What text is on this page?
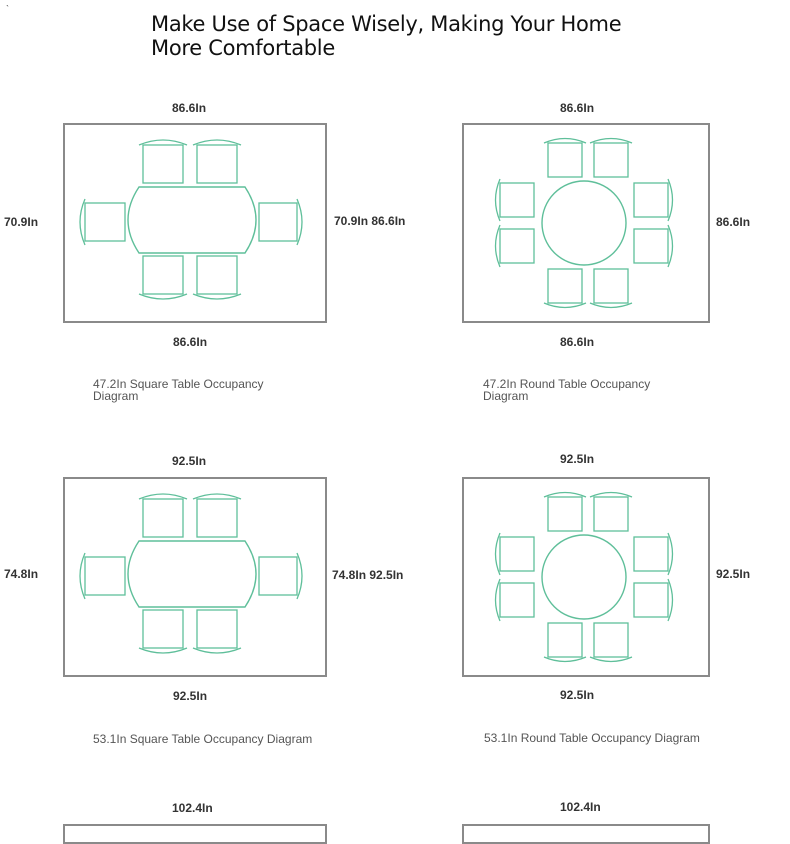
`
Make Use of Space Wisely, Making Your Home More Comfortable
86.6In
70.9In	70.9In 86.6In
86.6In
47.2In Square Table Occupancy Diagram
86.6In
86.6In
86.6In
47.2In Round Table Occupancy Diagram
92.5In
74.8In	74.8In 92.5In
92.5In
53.1In Square Table Occupancy Diagram
92.5In
92.5In
92.5In
53.1In Round Table Occupancy Diagram
102.4In	102.4In
